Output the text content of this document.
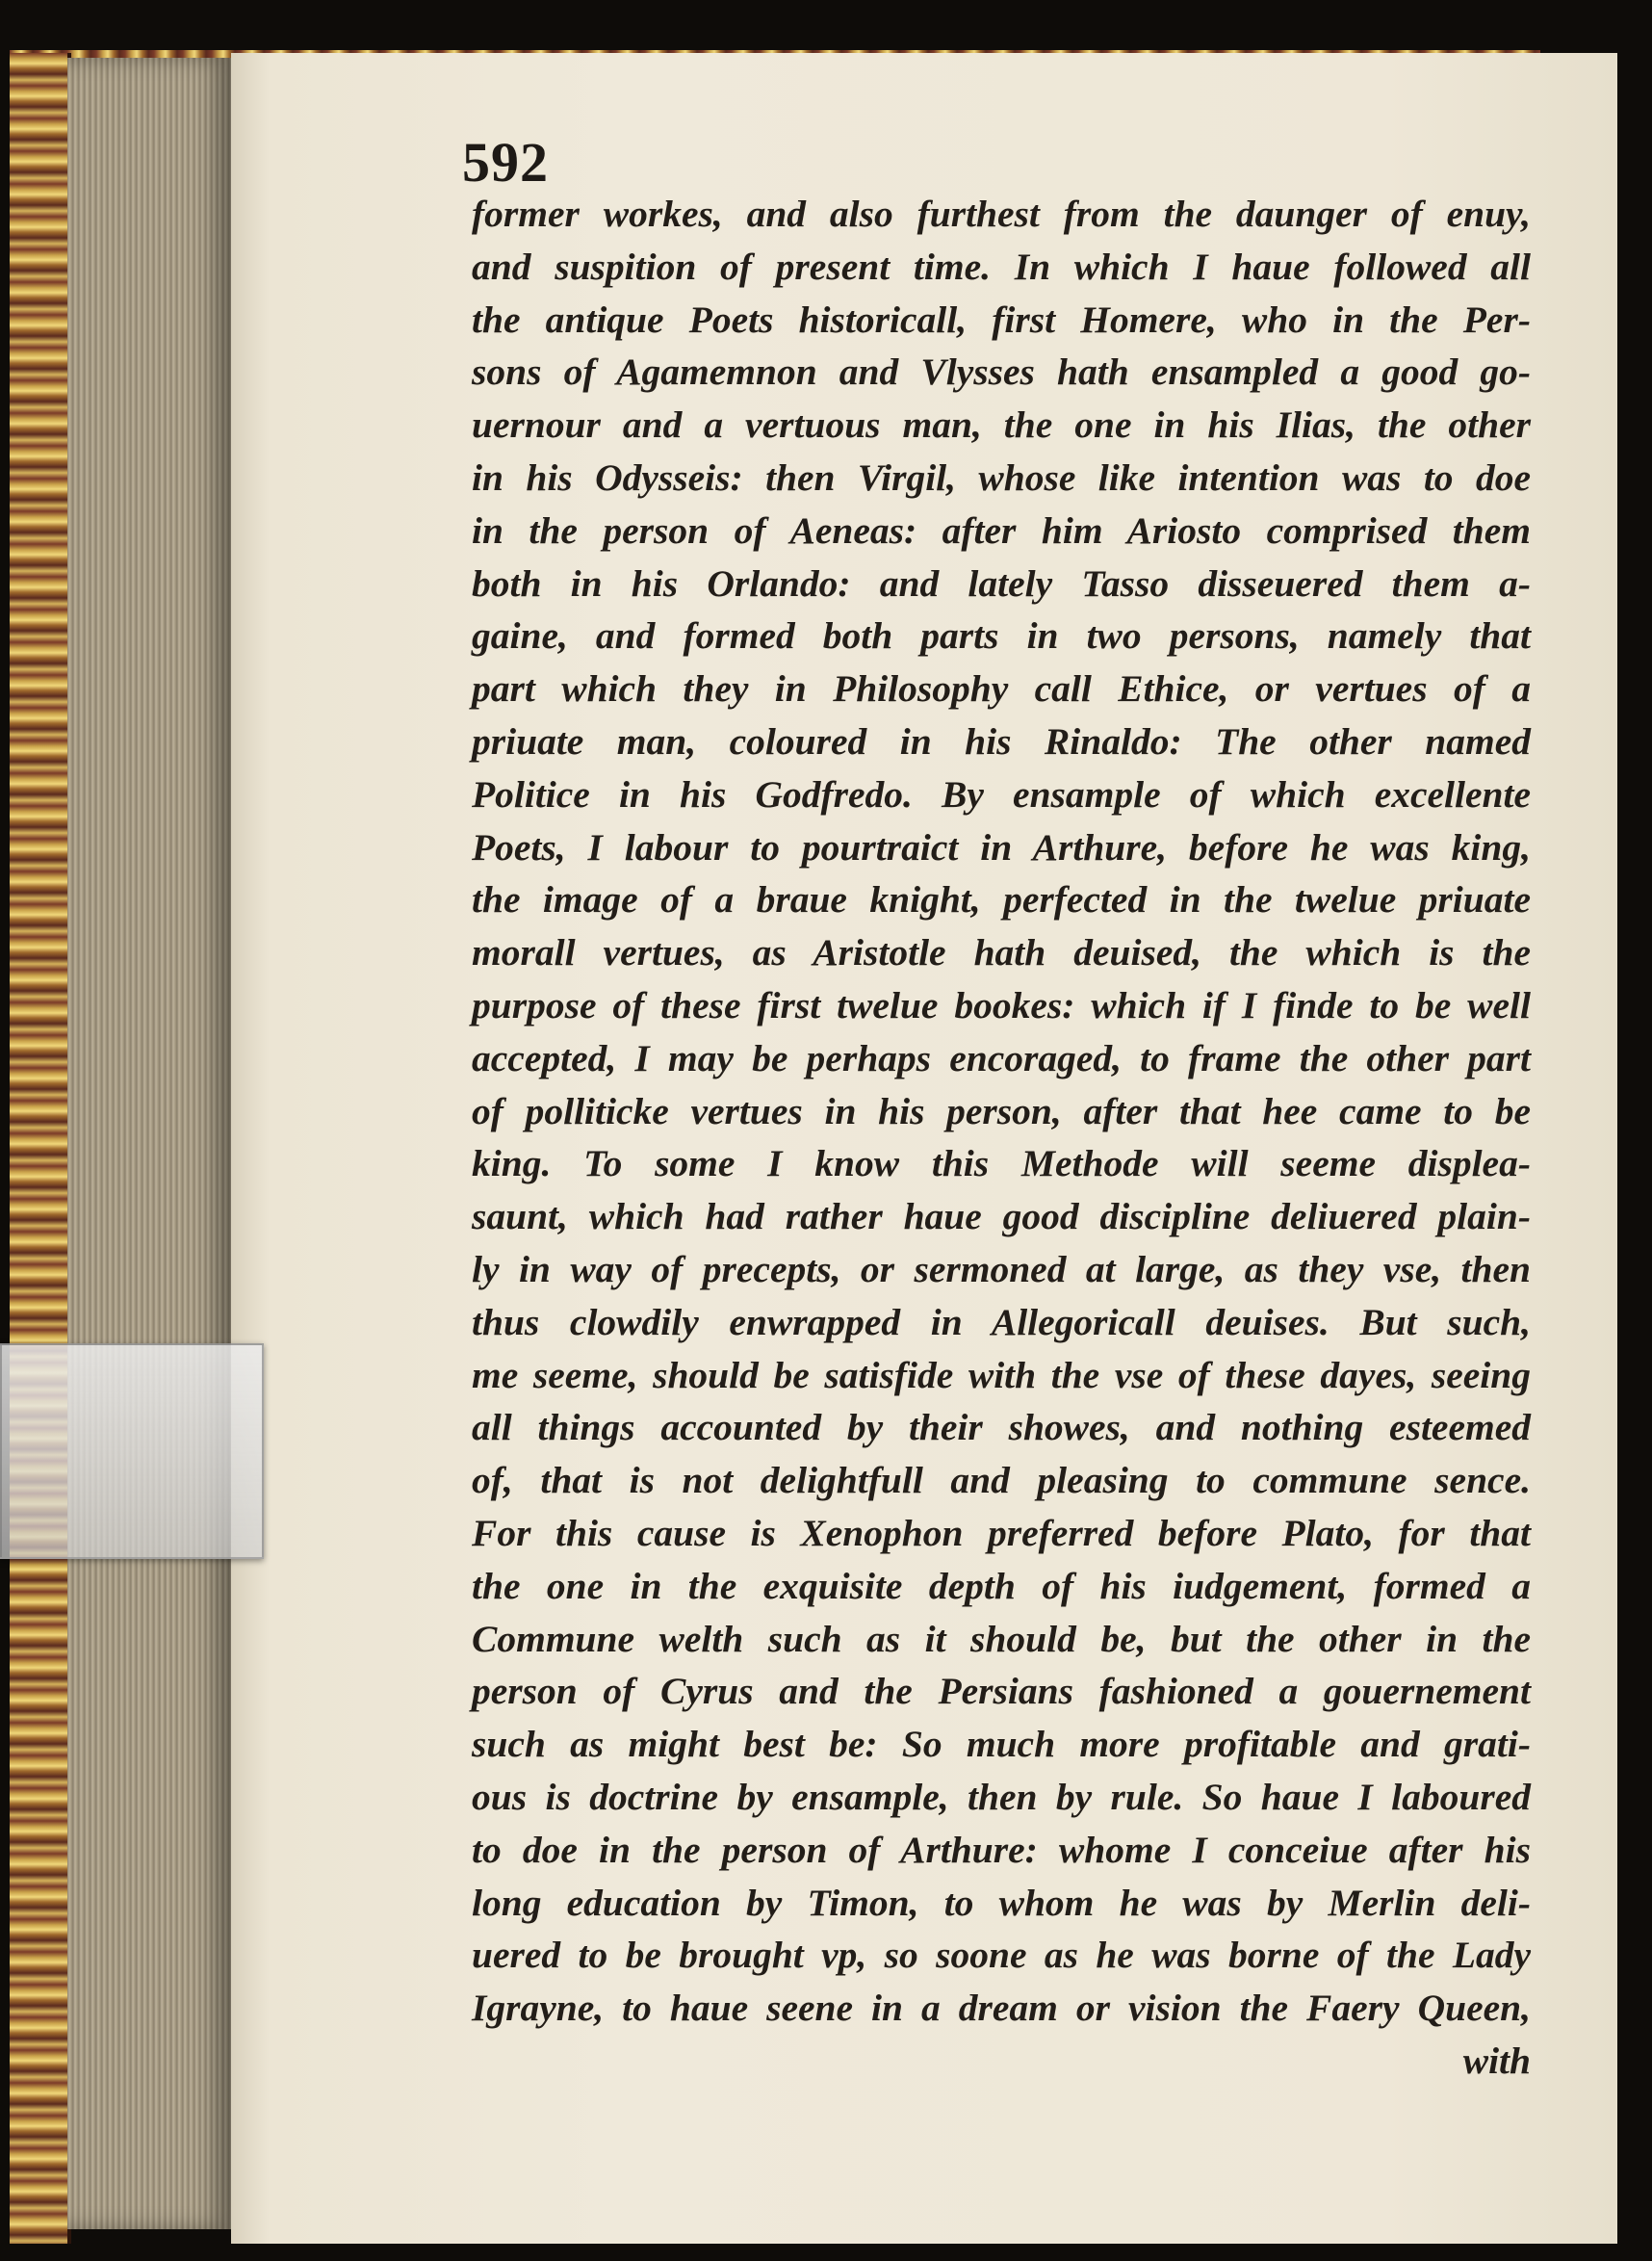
592
former workes, and also furthest from the daunger of enuy,
and suspition of present time. In which I haue followed all
the antique Poets historicall, first Homere, who in the Per-
sons of Agamemnon and Vlysses hath ensampled a good go-
uernour and a vertuous man, the one in his Ilias, the other
in his Odysseis: then Virgil, whose like intention was to doe
in the person of Aeneas: after him Ariosto comprised them
both in his Orlando: and lately Tasso disseuered them a-
gaine, and formed both parts in two persons, namely that
part which they in Philosophy call Ethice, or vertues of a
priuate man, coloured in his Rinaldo: The other named
Politice in his Godfredo. By ensample of which excellente
Poets, I labour to pourtraict in Arthure, before he was king,
the image of a braue knight, perfected in the twelue priuate
morall vertues, as Aristotle hath deuised, the which is the
purpose of these first twelue bookes: which if I finde to be well
accepted, I may be perhaps encoraged, to frame the other part
of polliticke vertues in his person, after that hee came to be
king. To some I know this Methode will seeme displea-
saunt, which had rather haue good discipline deliuered plain-
ly in way of precepts, or sermoned at large, as they vse, then
thus clowdily enwrapped in Allegoricall deuises. But such,
me seeme, should be satisfide with the vse of these dayes, seeing
all things accounted by their showes, and nothing esteemed
of, that is not delightfull and pleasing to commune sence.
For this cause is Xenophon preferred before Plato, for that
the one in the exquisite depth of his iudgement, formed a
Commune welth such as it should be, but the other in the
person of Cyrus and the Persians fashioned a gouernement
such as might best be: So much more profitable and grati-
ous is doctrine by ensample, then by rule. So haue I laboured
to doe in the person of Arthure: whome I conceiue after his
long education by Timon, to whom he was by Merlin deli-
uered to be brought vp, so soone as he was borne of the Lady
Igrayne, to haue seene in a dream or vision the Faery Queen,
with
